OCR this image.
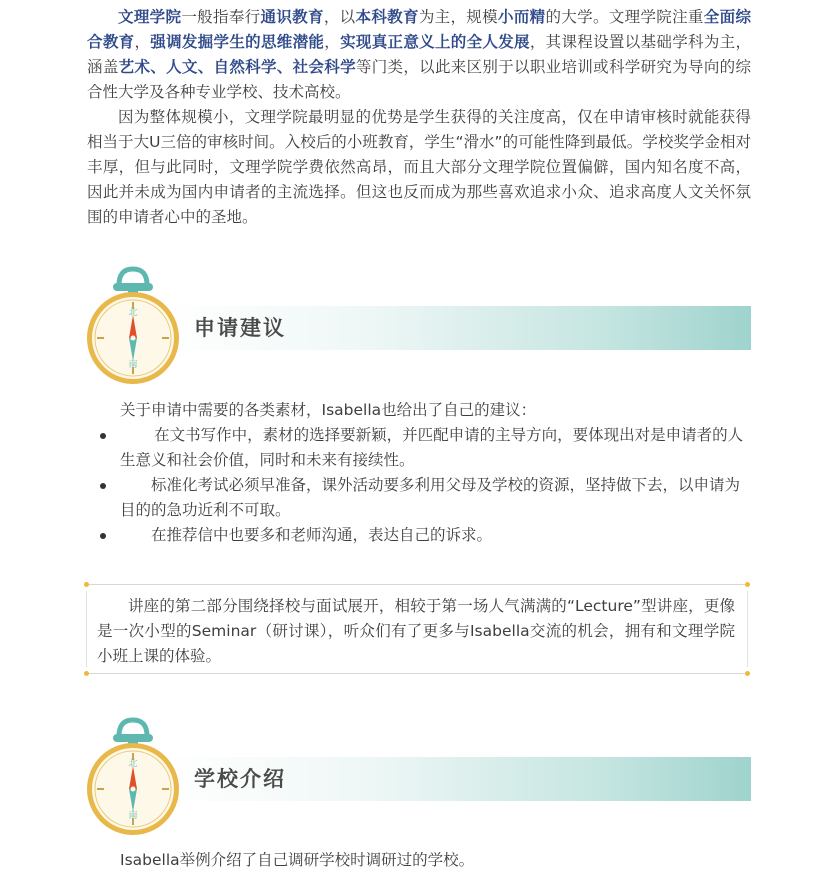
文理学院一般指奉行通识教育，以本科教育为主，规模小而精的大学。文理学院注重全面综合教育，强调发掘学生的思维潜能，实现真正意义上的全人发展，其课程设置以基础学科为主，涵盖艺术、人文、自然科学、社会科学等门类，以此来区别于以职业培训或科学研究为导向的综合性大学及各种专业学校、技术高校。

因为整体规模小，文理学院最明显的优势是学生获得的关注度高，仅在申请审核时就能获得相当于大U三倍的审核时间。入校后的小班教育，学生“滑水”的可能性降到最低。学校奖学金相对丰厚，但与此同时，文理学院学费依然高昂，而且大部分文理学院位置偏僻，国内知名度不高，因此并未成为国内申请者的主流选择。但这也反而成为那些喜欢追求小众、追求高度人文关怀氛围的申请者心中的圣地。

北
南
申请建议

关于申请中需要的各类素材，Isabella也给出了自己的建议：

在文书写作中，素材的选择要新颖，并匹配申请的主导方向，要体现出对是申请者的人生意义和社会价值，同时和未来有接续性。
标准化考试必须早准备，课外活动要多利用父母及学校的资源，坚持做下去，以申请为目的的急功近利不可取。
在推荐信中也要多和老师沟通，表达自己的诉求。

讲座的第二部分围绕择校与面试展开，相较于第一场人气满满的“Lecture”型讲座，更像是一次小型的Seminar（研讨课），听众们有了更多与Isabella交流的机会，拥有和文理学院小班上课的体验。

北
南
学校介绍

Isabella举例介绍了自己调研学校时调研过的学校。
